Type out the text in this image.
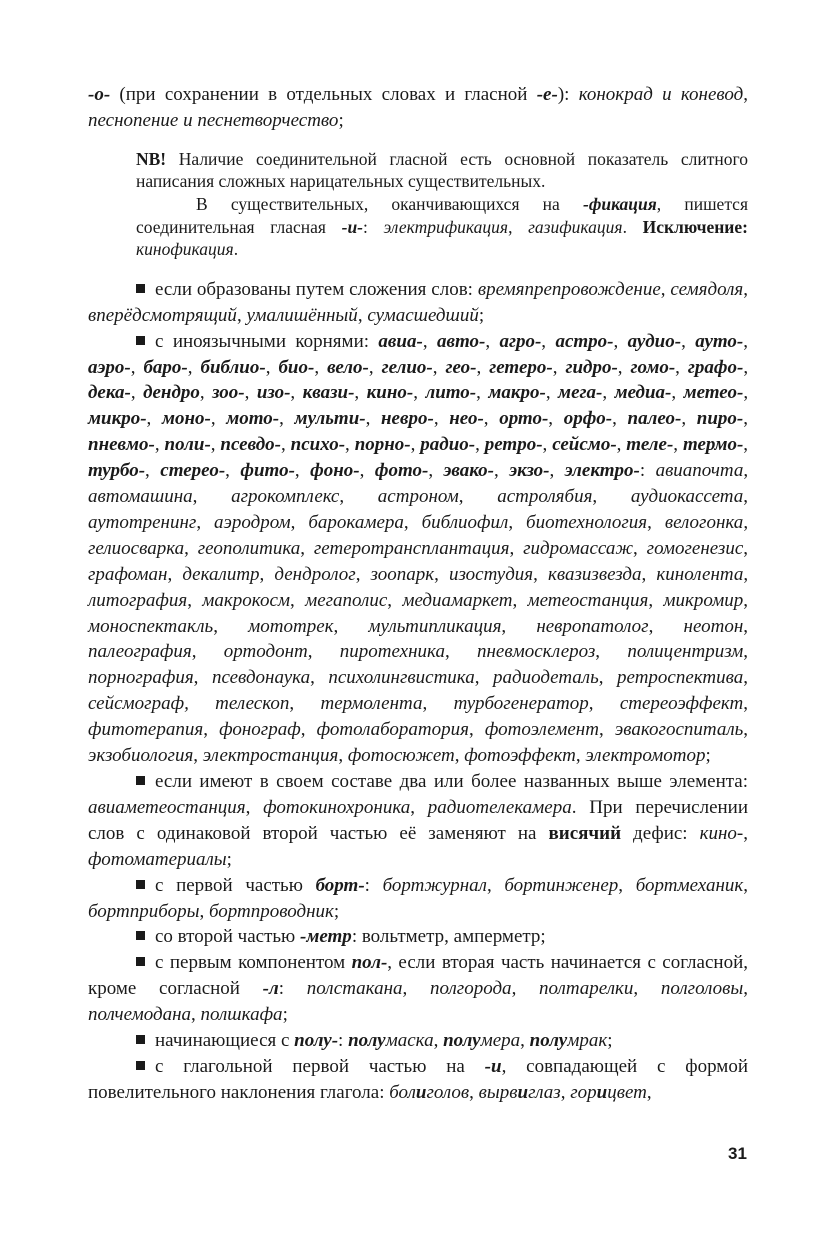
-о- (при сохранении в отдельных словах и гласной -е-): конокрад и коневод, песнопение и песнетворчество;

NB! Наличие соединительной гласной есть основной показатель слитного написания сложных нарицательных существительных.

В существительных, оканчивающихся на -фикация, пишется соединительная гласная -и-: электрификация, газификация. Исключение: кинофикация.

если образованы путем сложения слов: времяпрепровождение, семядоля, вперёдсмотрящий, умалишённый, сумасшедший;

с иноязычными корнями: авиа-, авто-, агро-, астро-, аудио-, ауто-, аэро-, баро-, библио-, био-, вело-, гелио-, гео-, гетеро-, гидро-, гомо-, графо-, дека-, дендро, зоо-, изо-, квази-, кино-, лито-, макро-, мега-, медиа-, метео-, микро-, моно-, мото-, мульти-, невро-, нео-, орто-, орфо-, палео-, пиро-, пневмо-, поли-, псевдо-, психо-, порно-, радио-, ретро-, сейсмо-, теле-, термо-, турбо-, стерео-, фито-, фоно-, фото-, эвако-, экзо-, электро-: авиапочта, автомашина, агрокомплекс, астроном, астролябия, аудиокассета, аутотренинг, аэродром, барокамера, библиофил, биотехнология, велогонка, гелиосварка, геополитика, гетеротрансплантация, гидромассаж, гомогенезис, графоман, декалитр, дендролог, зоопарк, изостудия, квазизвезда, кинолента, литография, макрокосм, мегаполис, медиамаркет, метеостанция, микромир, моноспектакль, мототрек, мультипликация, невропатолог, неотон, палеография, ортодонт, пиротехника, пневмосклероз, полицентризм, порнография, псевдонаука, психолингвистика, радиодеталь, ретроспектива, сейсмограф, телескоп, термолента, турбогенератор, стереоэффект, фитотерапия, фонограф, фотолаборатория, фотоэлемент, эвакогоспиталь, экзобиология, электростанция, фотосюжет, фотоэффект, электромотор;

если имеют в своем составе два или более названных выше элемента: авиаметеостанция, фотокинохроника, радиотелекамера. При перечислении слов с одинаковой второй частью её заменяют на висячий дефис: кино-, фотоматериалы;

с первой частью борт-: бортжурнал, бортинженер, бортмеханик, бортприборы, бортпроводник;

со второй частью -метр: вольтметр, амперметр;

с первым компонентом пол-, если вторая часть начинается с согласной, кроме согласной -л: полстакана, полгорода, полтарелки, полголовы, полчемодана, полшкафа;

начинающиеся с полу-: полумаска, полумера, полумрак;

с глагольной первой частью на -и, совпадающей с формой повелительного наклонения глагола: болиголов, вырвиглаз, горицвет,

31
